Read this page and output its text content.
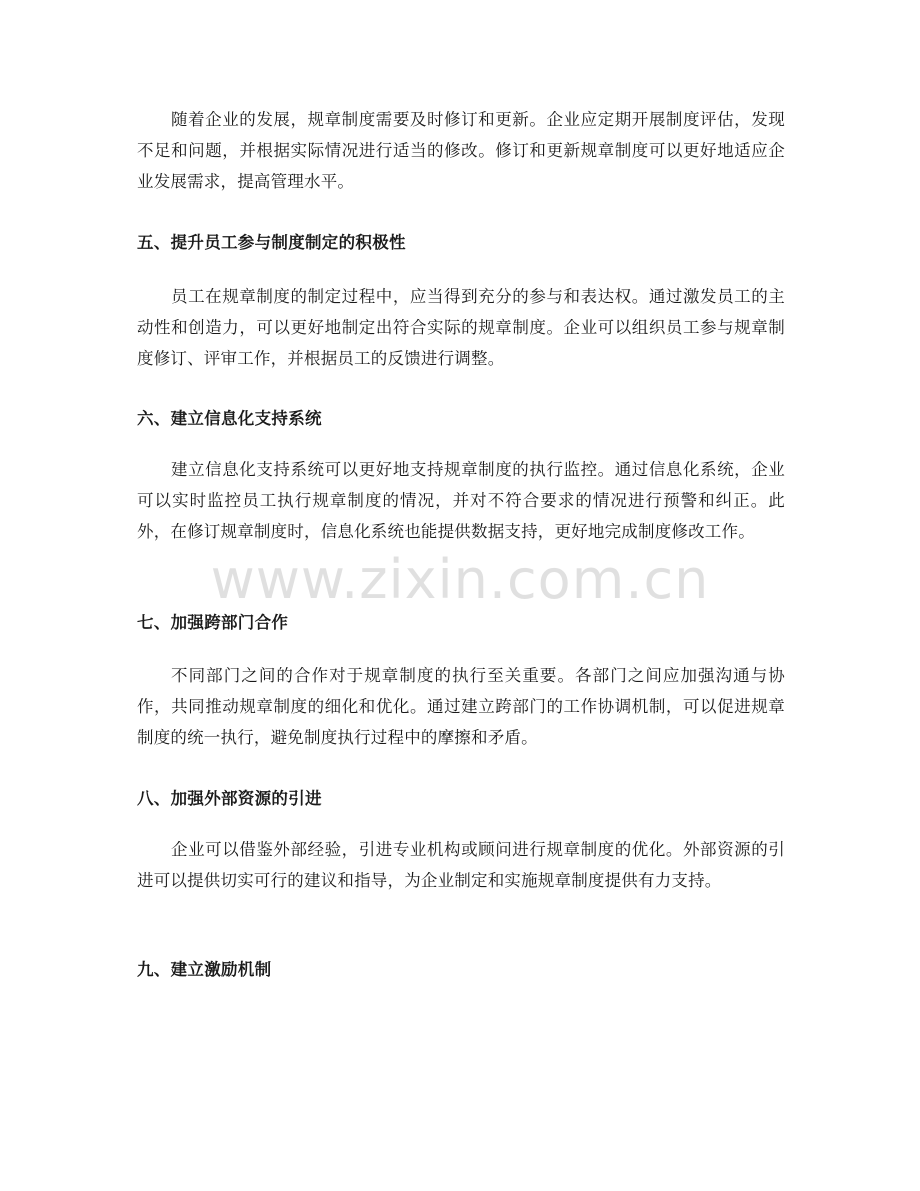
随着企业的发展，规章制度需要及时修订和更新。企业应定期开展制度评估，发现不足和问题，并根据实际情况进行适当的修改。修订和更新规章制度可以更好地适应企业发展需求，提高管理水平。

五、提升员工参与制度制定的积极性

员工在规章制度的制定过程中，应当得到充分的参与和表达权。通过激发员工的主动性和创造力，可以更好地制定出符合实际的规章制度。企业可以组织员工参与规章制度修订、评审工作，并根据员工的反馈进行调整。

六、建立信息化支持系统

建立信息化支持系统可以更好地支持规章制度的执行监控。通过信息化系统，企业可以实时监控员工执行规章制度的情况，并对不符合要求的情况进行预警和纠正。此外，在修订规章制度时，信息化系统也能提供数据支持，更好地完成制度修改工作。

七、加强跨部门合作

不同部门之间的合作对于规章制度的执行至关重要。各部门之间应加强沟通与协作，共同推动规章制度的细化和优化。通过建立跨部门的工作协调机制，可以促进规章制度的统一执行，避免制度执行过程中的摩擦和矛盾。

八、加强外部资源的引进

企业可以借鉴外部经验，引进专业机构或顾问进行规章制度的优化。外部资源的引进可以提供切实可行的建议和指导，为企业制定和实施规章制度提供有力支持。

九、建立激励机制
www.zixin.com.cn
